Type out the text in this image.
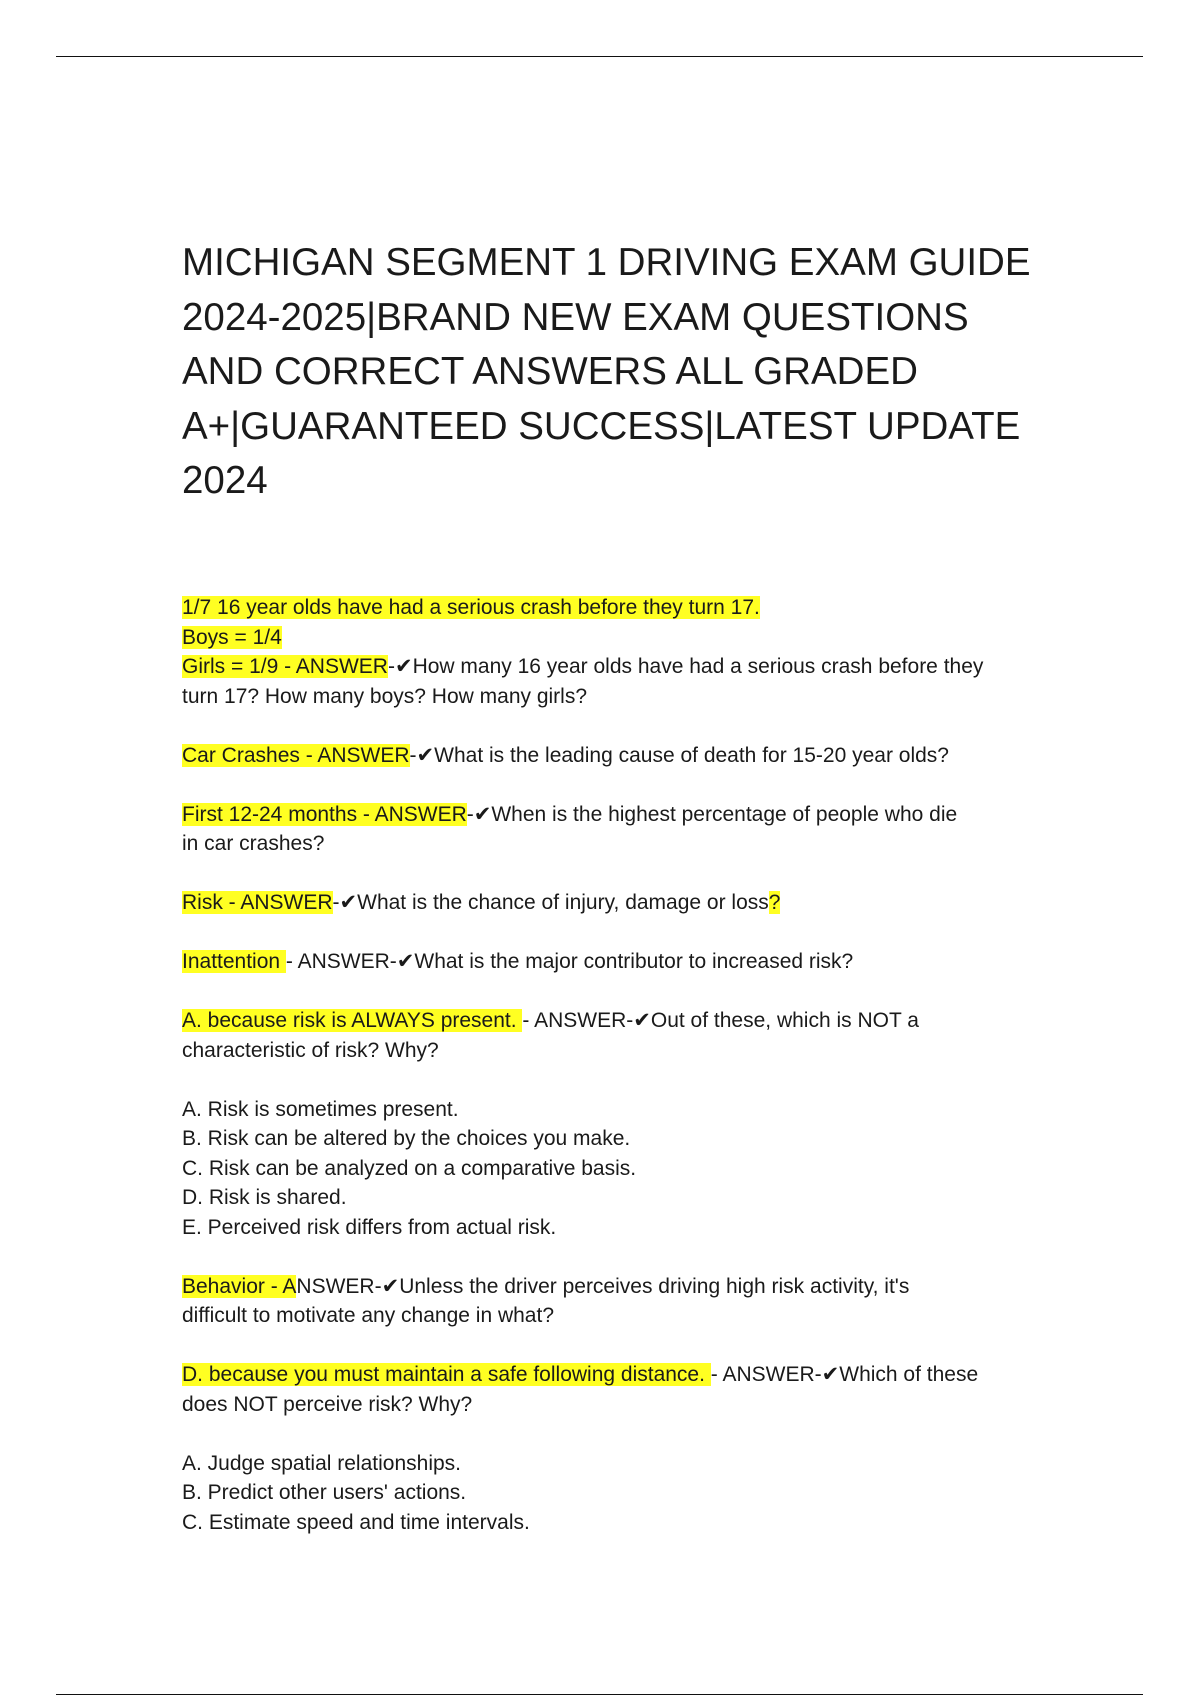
MICHIGAN SEGMENT 1 DRIVING EXAM GUIDE
2024-2025|BRAND NEW EXAM QUESTIONS
AND CORRECT ANSWERS ALL GRADED
A+|GUARANTEED SUCCESS|LATEST UPDATE
2024
1/7 16 year olds have had a serious crash before they turn 17.
Boys = 1/4
Girls = 1/9 - ANSWER-✔How many 16 year olds have had a serious crash before they
turn 17? How many boys? How many girls?
Car Crashes - ANSWER-✔What is the leading cause of death for 15-20 year olds?
First 12-24 months - ANSWER-✔When is the highest percentage of people who die
in car crashes?
Risk - ANSWER-✔What is the chance of injury, damage or loss?
Inattention - ANSWER-✔What is the major contributor to increased risk?
A. because risk is ALWAYS present. - ANSWER-✔Out of these, which is NOT a
characteristic of risk? Why?
A. Risk is sometimes present.
B. Risk can be altered by the choices you make.
C. Risk can be analyzed on a comparative basis.
D. Risk is shared.
E. Perceived risk differs from actual risk.
Behavior - ANSWER-✔Unless the driver perceives driving high risk activity, it's
difficult to motivate any change in what?
D. because you must maintain a safe following distance. - ANSWER-✔Which of these
does NOT perceive risk? Why?
A. Judge spatial relationships.
B. Predict other users' actions.
C. Estimate speed and time intervals.
